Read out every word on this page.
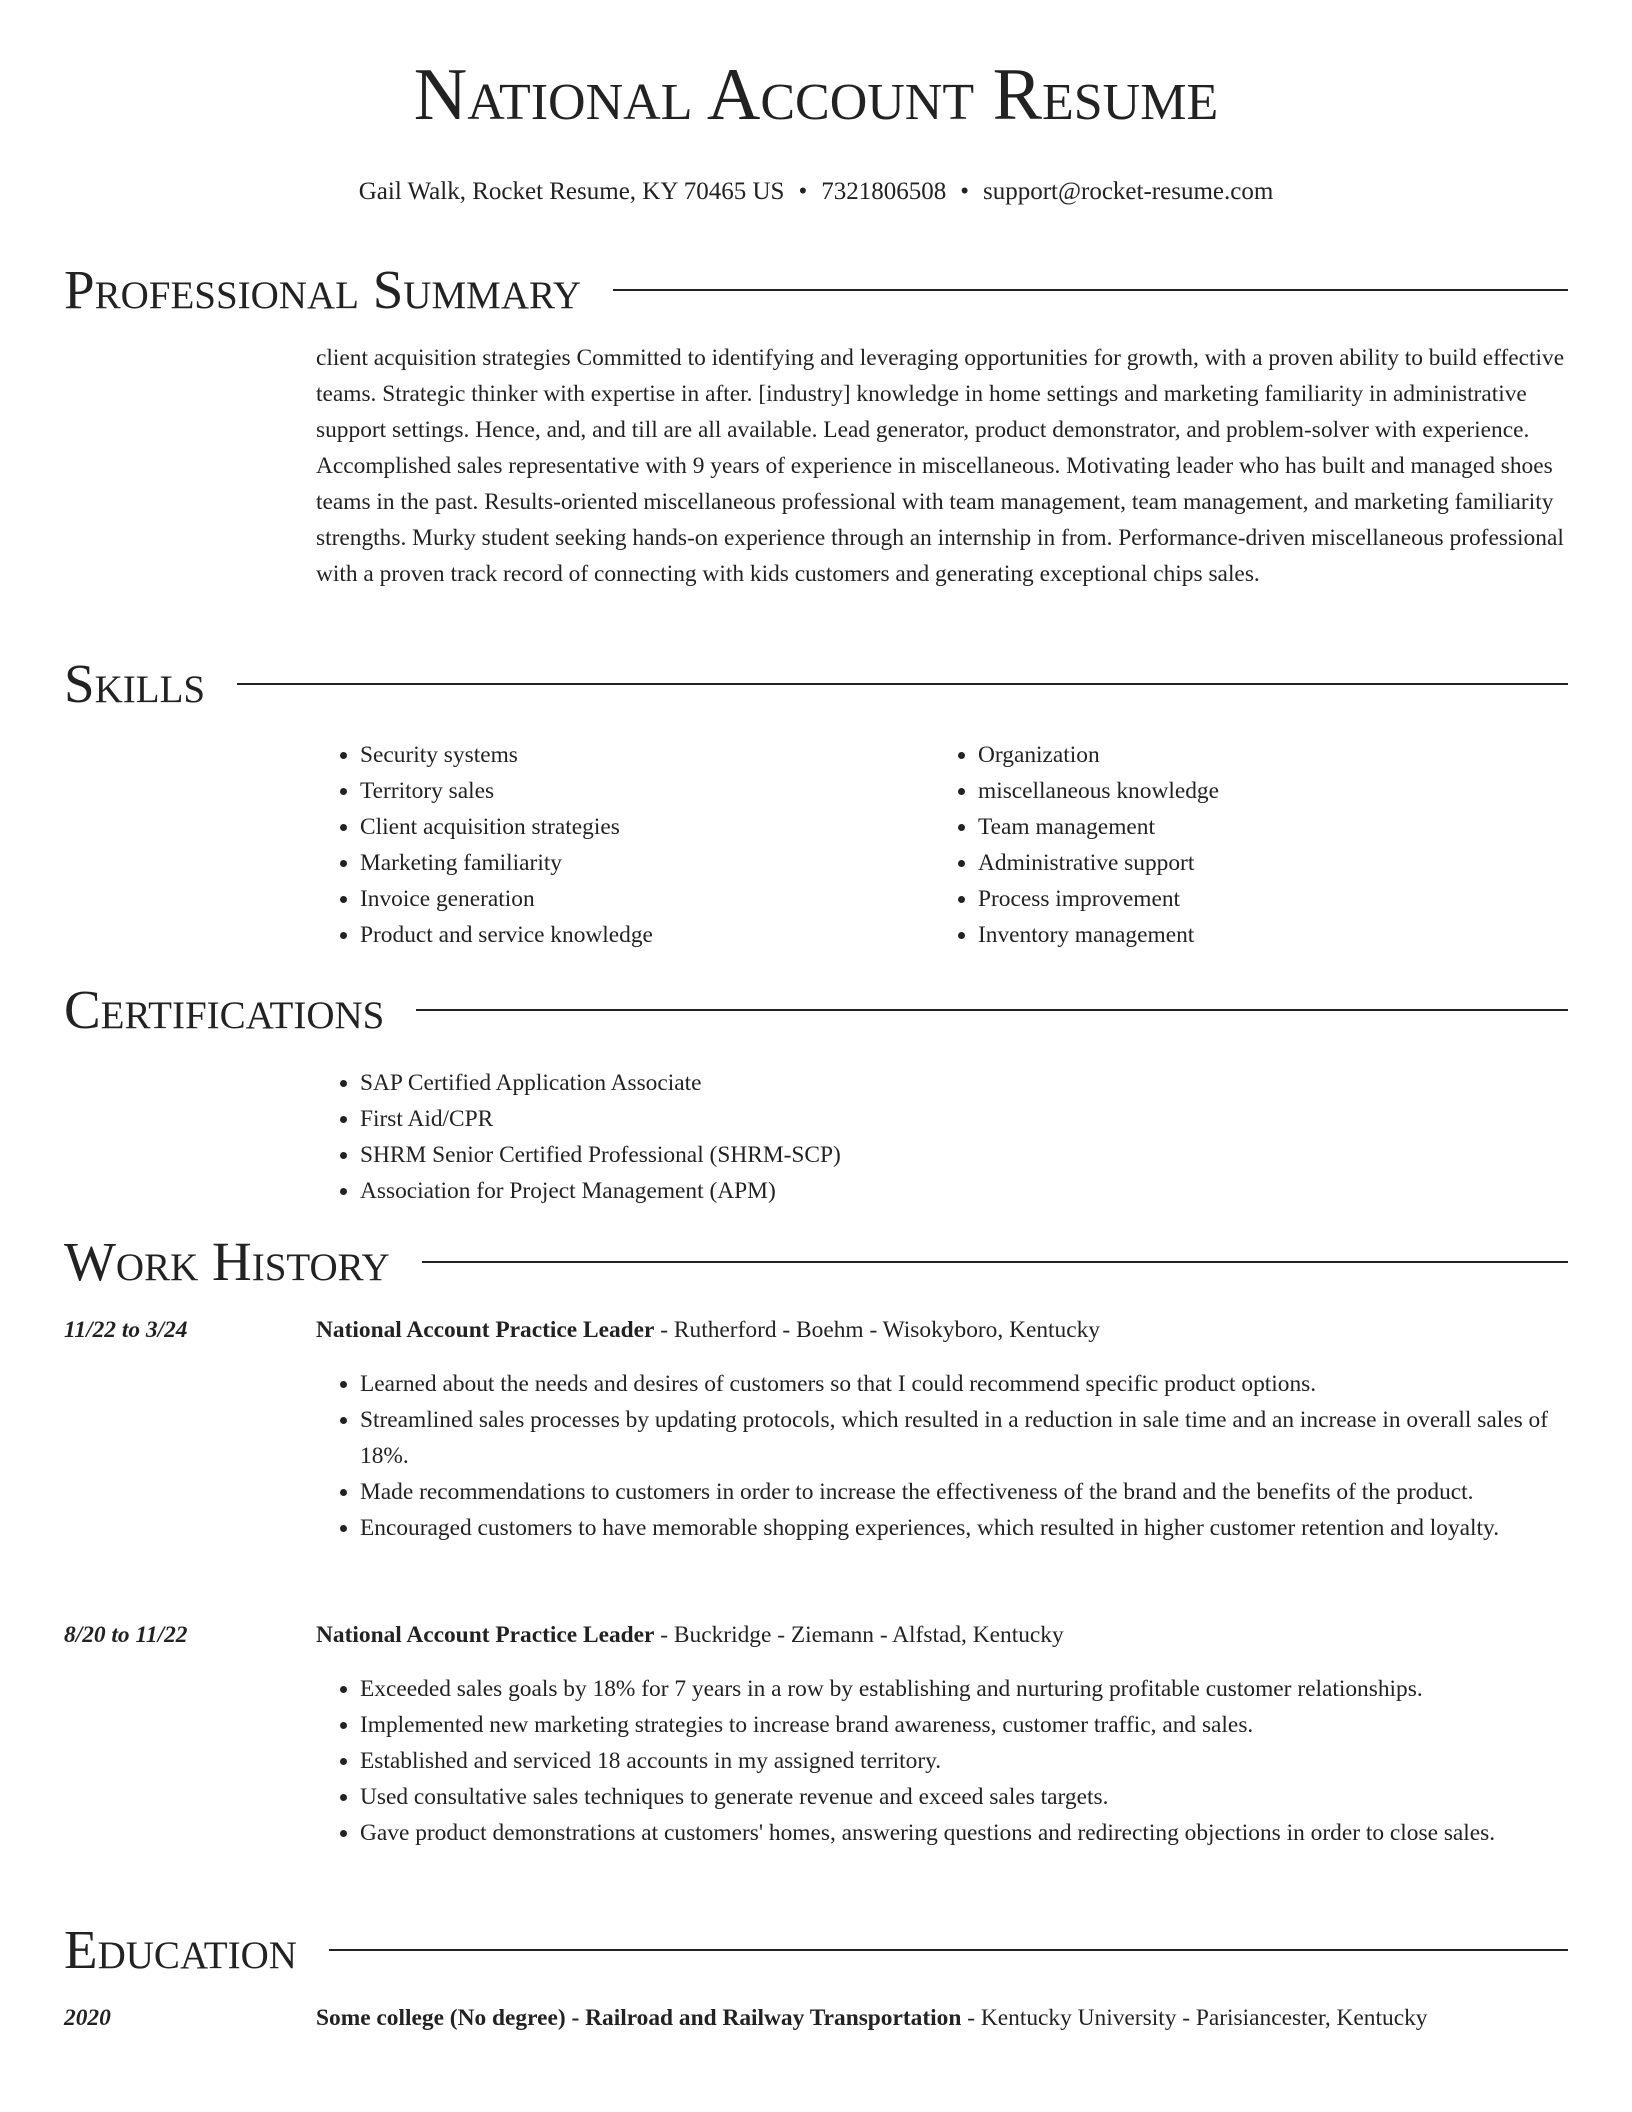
National Account Resume
Gail Walk, Rocket Resume, KY 70465 US • 7321806508 • support@rocket-resume.com
Professional Summary

client acquisition strategies Committed to identifying and leveraging opportunities for growth, with a proven ability to build effective teams. Strategic thinker with expertise in after. [industry] knowledge in home settings and marketing familiarity in administrative support settings. Hence, and, and till are all available. Lead generator, product demonstrator, and problem-solver with experience. Accomplished sales representative with 9 years of experience in miscellaneous. Motivating leader who has built and managed shoes teams in the past. Results-oriented miscellaneous professional with team management, team management, and marketing familiarity strengths. Murky student seeking hands-on experience through an internship in from. Performance-driven miscellaneous professional with a proven track record of connecting with kids customers and generating exceptional chips sales.

Skills
• Security systems
• Territory sales
• Client acquisition strategies
• Marketing familiarity
• Invoice generation
• Product and service knowledge
• Organization
• miscellaneous knowledge
• Team management
• Administrative support
• Process improvement
• Inventory management
Certifications
• SAP Certified Application Associate
• First Aid/CPR
• SHRM Senior Certified Professional (SHRM-SCP)
• Association for Project Management (APM)
Work History
11/22 to 3/24	National Account Practice Leader - Rutherford - Boehm - Wisokyboro, Kentucky
• Learned about the needs and desires of customers so that I could recommend specific product options.
• Streamlined sales processes by updating protocols, which resulted in a reduction in sale time and an increase in overall sales of 18%.
• Made recommendations to customers in order to increase the effectiveness of the brand and the benefits of the product.
• Encouraged customers to have memorable shopping experiences, which resulted in higher customer retention and loyalty.
8/20 to 11/22	National Account Practice Leader - Buckridge - Ziemann - Alfstad, Kentucky
• Exceeded sales goals by 18% for 7 years in a row by establishing and nurturing profitable customer relationships.
• Implemented new marketing strategies to increase brand awareness, customer traffic, and sales.
• Established and serviced 18 accounts in my assigned territory.
• Used consultative sales techniques to generate revenue and exceed sales targets.
• Gave product demonstrations at customers' homes, answering questions and redirecting objections in order to close sales.
Education
2020	Some college (No degree) - Railroad and Railway Transportation - Kentucky University - Parisiancester, Kentucky
